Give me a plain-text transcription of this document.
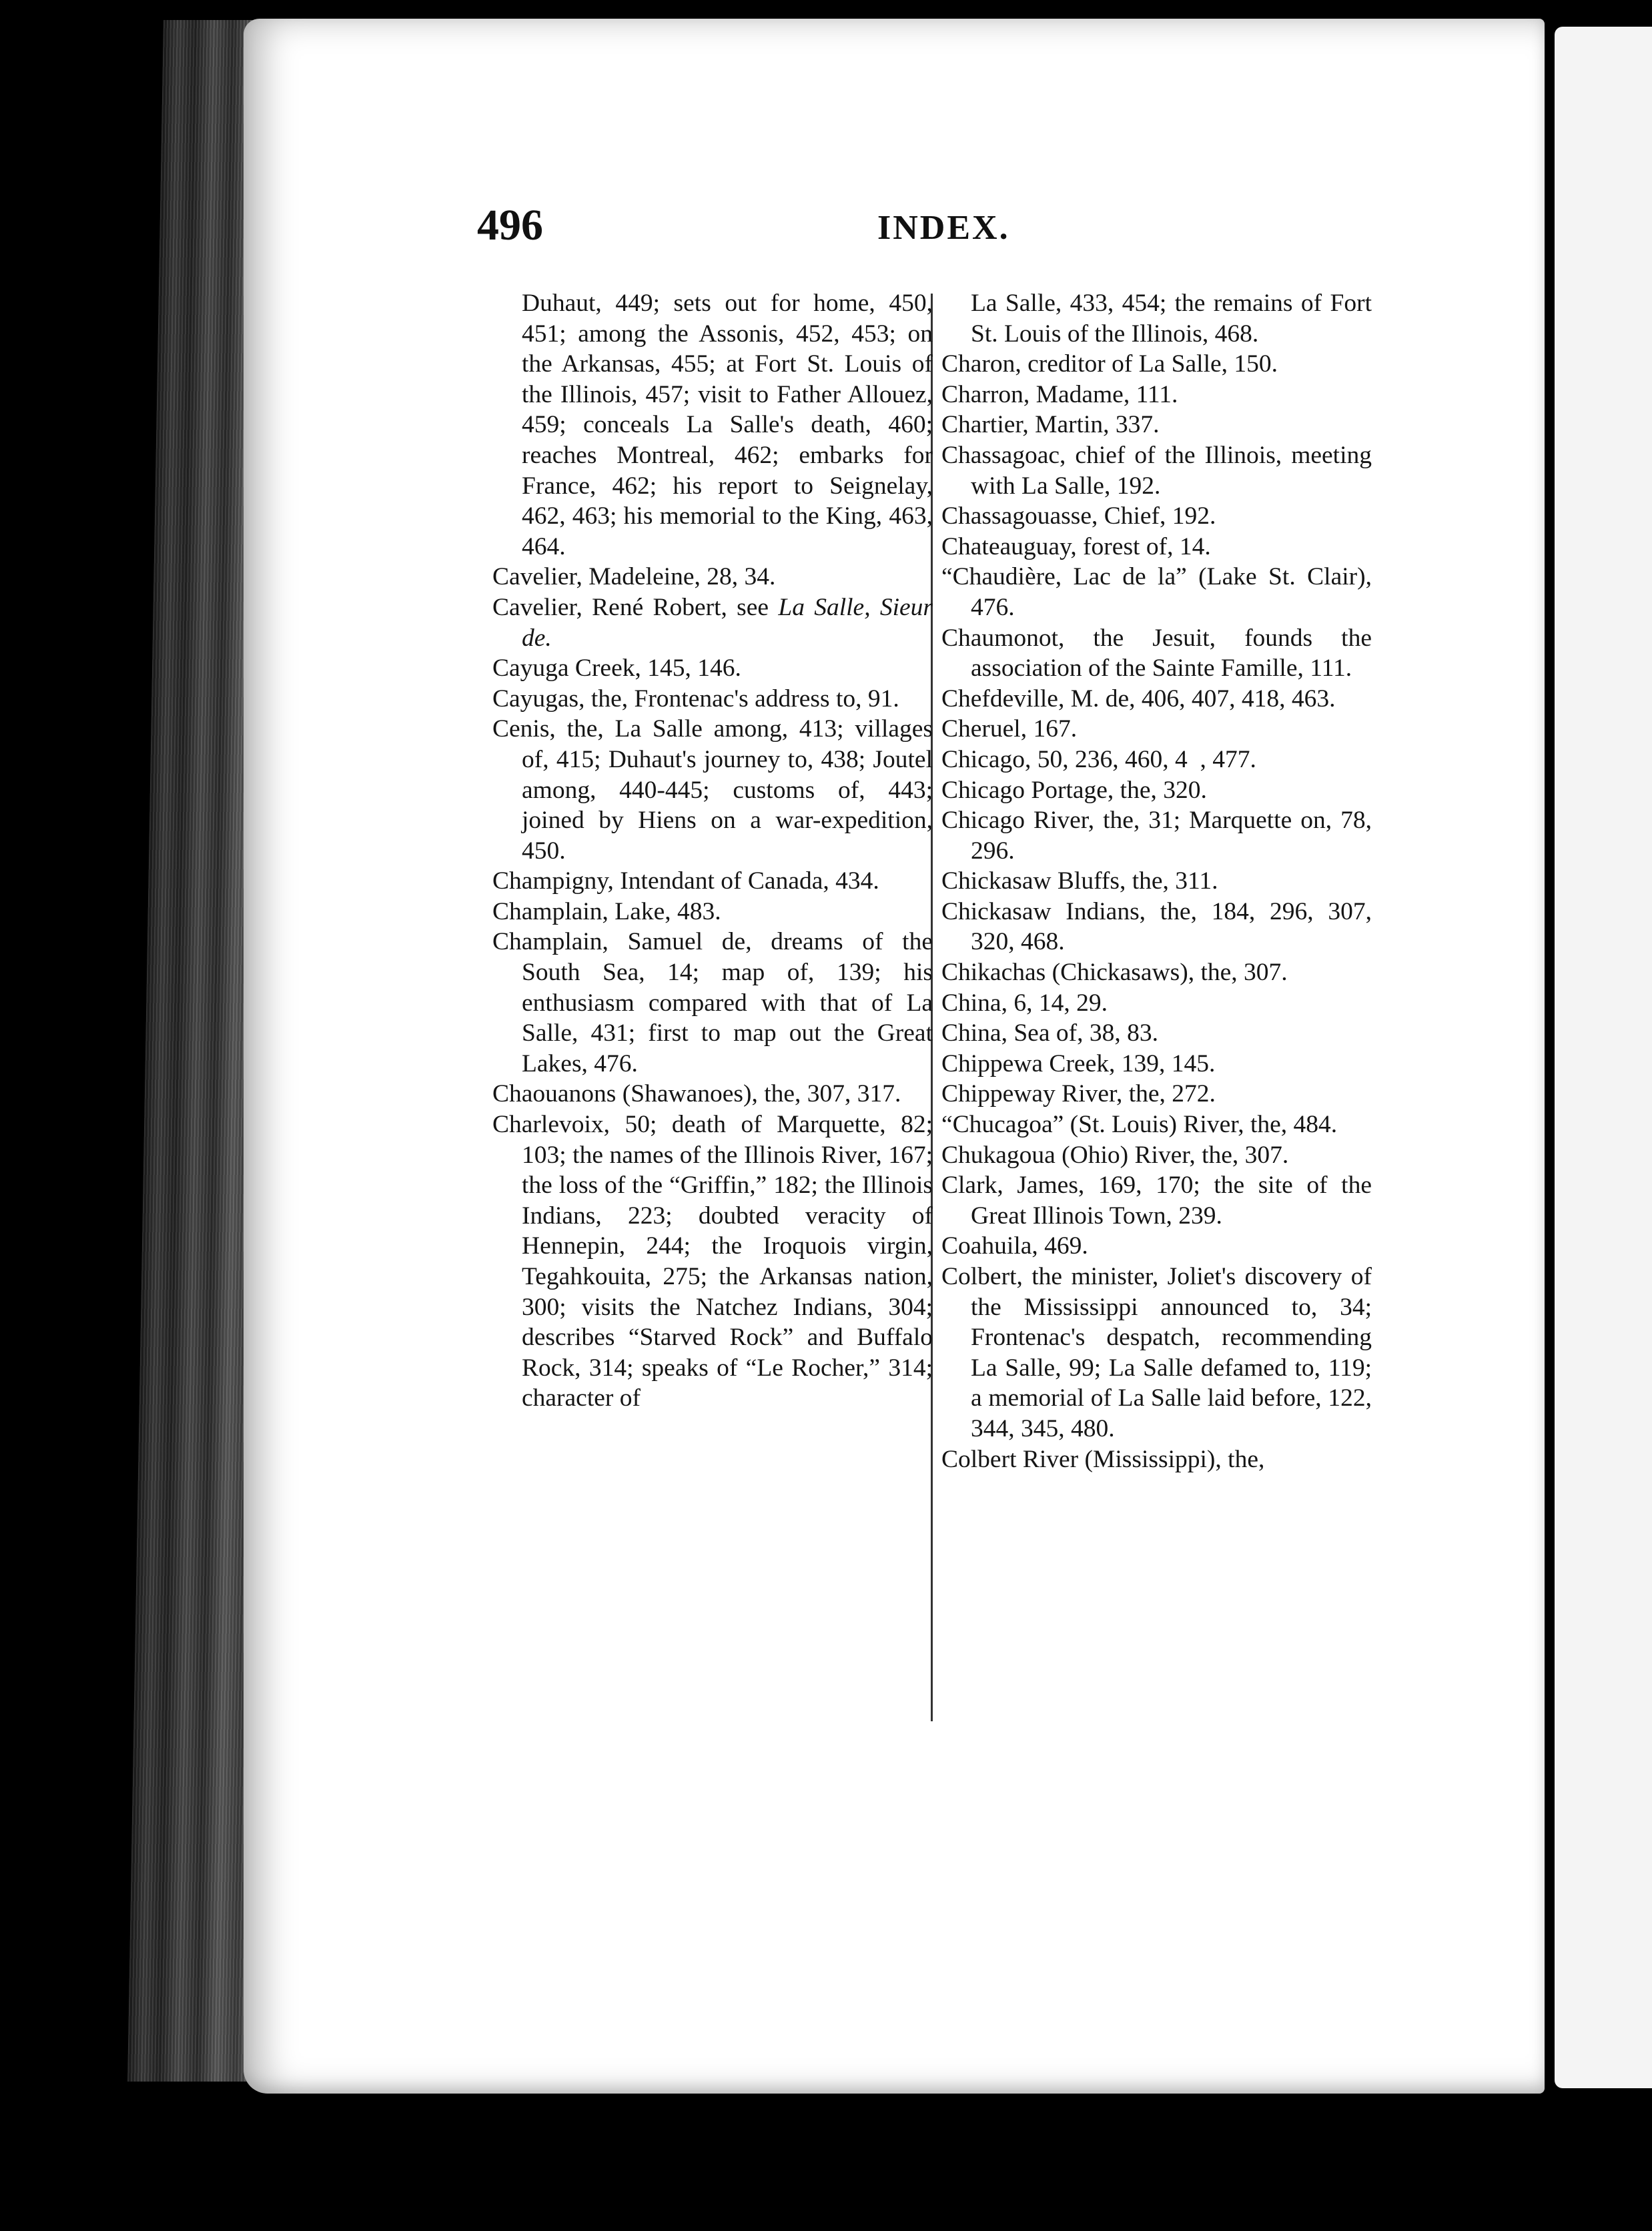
496	INDEX.
Duhaut, 449; sets out for home, 450, 451; among the Assonis, 452, 453; on the Arkansas, 455; at Fort St. Louis of the Illinois, 457; visit to Father Allouez, 459; conceals La Salle's death, 460; reaches Montreal, 462; embarks for France, 462; his report to Seignelay, 462, 463; his memorial to the King, 463, 464.
Cavelier, Madeleine, 28, 34.
Cavelier, René Robert, see La Salle, Sieur de.
Cayuga Creek, 145, 146.
Cayugas, the, Frontenac's address to, 91.
Cenis, the, La Salle among, 413; villages of, 415; Duhaut's journey to, 438; Joutel among, 440-445; customs of, 443; joined by Hiens on a war-expedition, 450.
Champigny, Intendant of Canada, 434.
Champlain, Lake, 483.
Champlain, Samuel de, dreams of the South Sea, 14; map of, 139; his enthusiasm compared with that of La Salle, 431; first to map out the Great Lakes, 476.
Chaouanons (Shawanoes), the, 307, 317.
Charlevoix, 50; death of Marquette, 82; 103; the names of the Illinois River, 167; the loss of the “Griffin,” 182; the Illinois Indians, 223; doubted veracity of Hennepin, 244; the Iroquois virgin, Tegahkouita, 275; the Arkansas nation, 300; visits the Natchez Indians, 304; describes “Starved Rock” and Buffalo Rock, 314; speaks of “Le Rocher,” 314; character of
La Salle, 433, 454; the remains of Fort St. Louis of the Illinois, 468.
Charon, creditor of La Salle, 150.
Charron, Madame, 111.
Chartier, Martin, 337.
Chassagoac, chief of the Illinois, meeting with La Salle, 192.
Chassagouasse, Chief, 192.
Chateauguay, forest of, 14.
“Chaudière, Lac de la” (Lake St. Clair), 476.
Chaumonot, the Jesuit, founds the association of the Sainte Famille, 111.
Chefdeville, M. de, 406, 407, 418, 463.
Cheruel, 167.
Chicago, 50, 236, 460, 4  , 477.
Chicago Portage, the, 320.
Chicago River, the, 31; Marquette on, 78, 296.
Chickasaw Bluffs, the, 311.
Chickasaw Indians, the, 184, 296, 307, 320, 468.
Chikachas (Chickasaws), the, 307.
China, 6, 14, 29.
China, Sea of, 38, 83.
Chippewa Creek, 139, 145.
Chippeway River, the, 272.
“Chucagoa” (St. Louis) River, the, 484.
Chukagoua (Ohio) River, the, 307.
Clark, James, 169, 170; the site of the Great Illinois Town, 239.
Coahuila, 469.
Colbert, the minister, Joliet's discovery of the Mississippi announced to, 34; Frontenac's despatch, recommending La Salle, 99; La Salle defamed to, 119; a memorial of La Salle laid before, 122, 344, 345, 480.
Colbert River (Mississippi), the,
